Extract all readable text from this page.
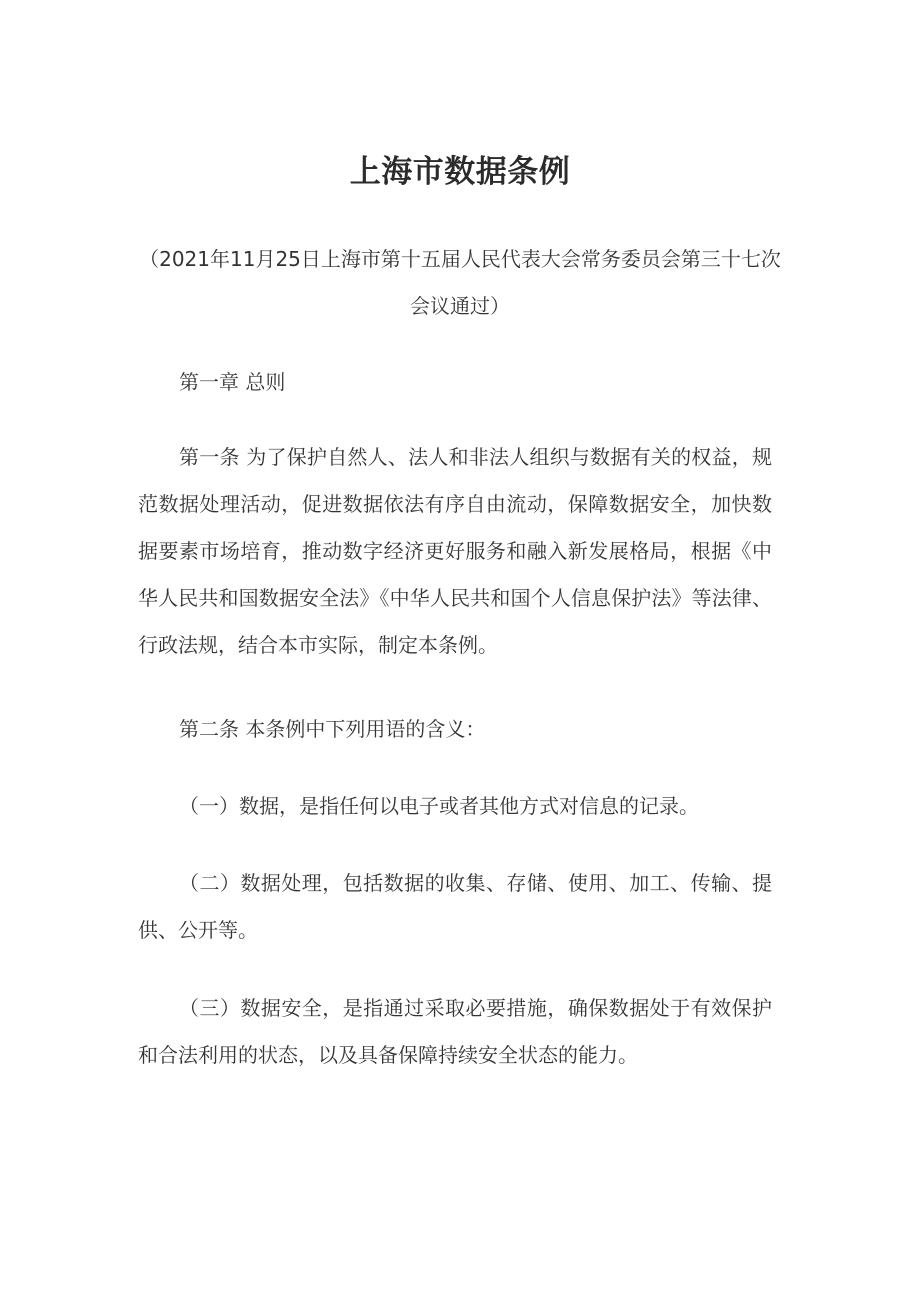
上海市数据条例
（2021年11月25日上海市第十五届人民代表大会常务委员会第三十七次会议通过）
第一章 总则
第一条 为了保护自然人、法人和非法人组织与数据有关的权益，规范数据处理活动，促进数据依法有序自由流动，保障数据安全，加快数据要素市场培育，推动数字经济更好服务和融入新发展格局，根据《中华人民共和国数据安全法》《中华人民共和国个人信息保护法》等法律、行政法规，结合本市实际，制定本条例。
第二条 本条例中下列用语的含义：
（一）数据，是指任何以电子或者其他方式对信息的记录。
（二）数据处理，包括数据的收集、存储、使用、加工、传输、提供、公开等。
（三）数据安全，是指通过采取必要措施，确保数据处于有效保护和合法利用的状态，以及具备保障持续安全状态的能力。
